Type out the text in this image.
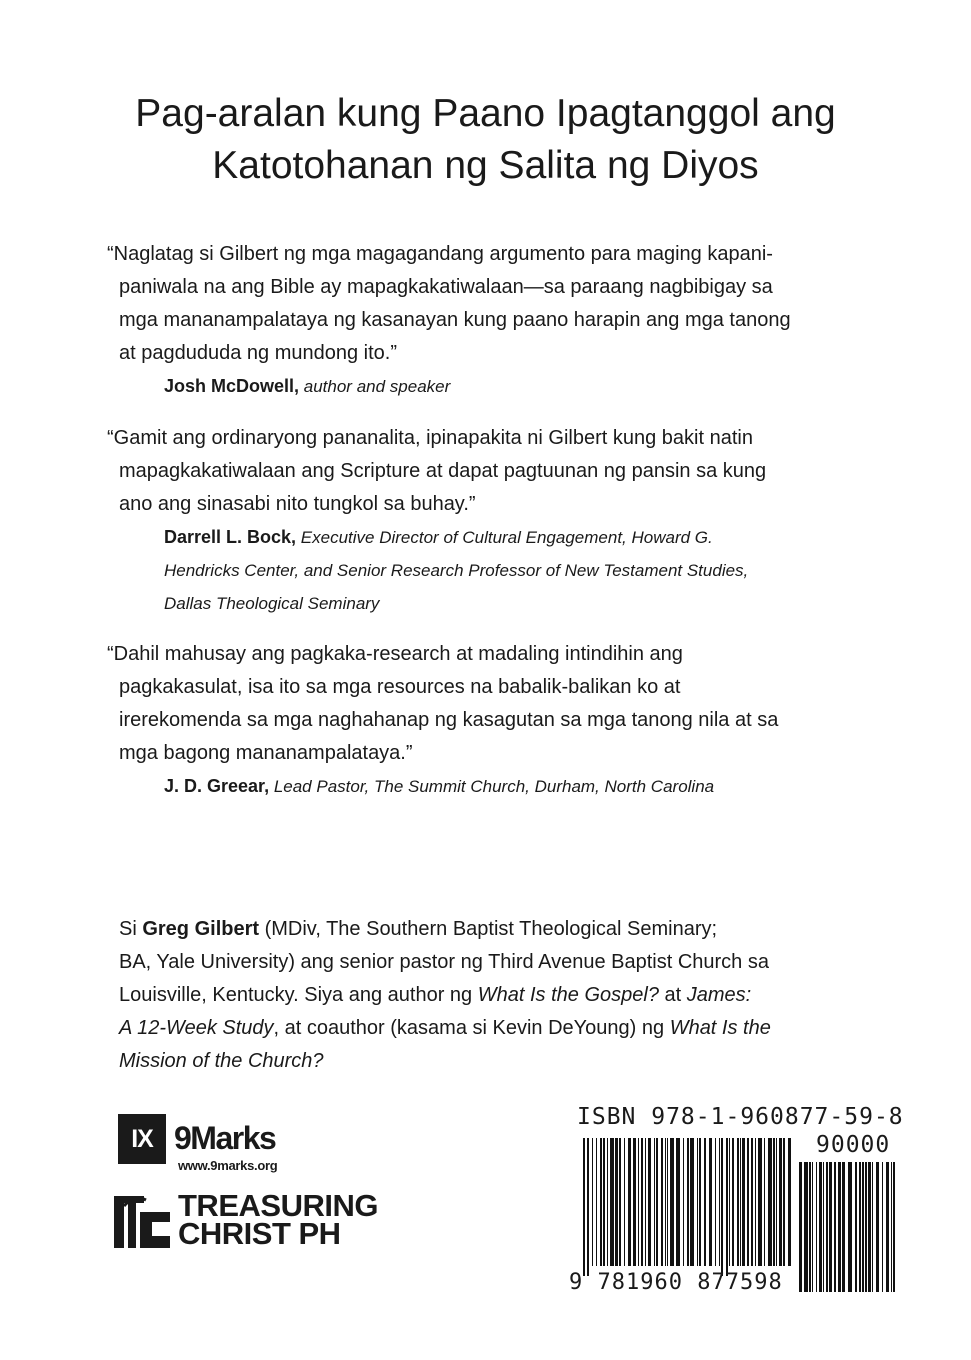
Pag-aralan kung Paano Ipagtanggol ang
Katotohanan ng Salita ng Diyos

“Naglatag si Gilbert ng mga magagandang argumento para maging kapani-
paniwala na ang Bible ay mapagkakatiwalaan—sa paraang nagbibigay sa
mga mananampalataya ng kasanayan kung paano harapin ang mga tanong
at pagdududa ng mundong ito.”

Josh McDowell, author and speaker

“Gamit ang ordinaryong pananalita, ipinapakita ni Gilbert kung bakit natin
mapagkakatiwalaan ang Scripture at dapat pagtuunan ng pansin sa kung
ano ang sinasabi nito tungkol sa buhay.”

Darrell L. Bock, Executive Director of Cultural Engagement, Howard G.
Hendricks Center, and Senior Research Professor of New Testament Studies,
Dallas Theological Seminary

“Dahil mahusay ang pagkaka-research at madaling intindihin ang
pagkakasulat, isa ito sa mga resources na babalik-balikan ko at
irerekomenda sa mga naghahanap ng kasagutan sa mga tanong nila at sa
mga bagong mananampalataya.”

J. D. Greear, Lead Pastor, The Summit Church, Durham, North Carolina

Si Greg Gilbert (MDiv, The Southern Baptist Theological Seminary;
BA, Yale University) ang senior pastor ng Third Avenue Baptist Church sa
Louisville, Kentucky. Siya ang author ng What Is the Gospel? at James:
A 12-Week Study, at coauthor (kasama si Kevin DeYoung) ng What Is the
Mission of the Church?

IX 9Marks
www.9marks.org
TREASURING
CHRIST PH
ISBN 978-1-960877-59-8
90000
9 781960 877598
